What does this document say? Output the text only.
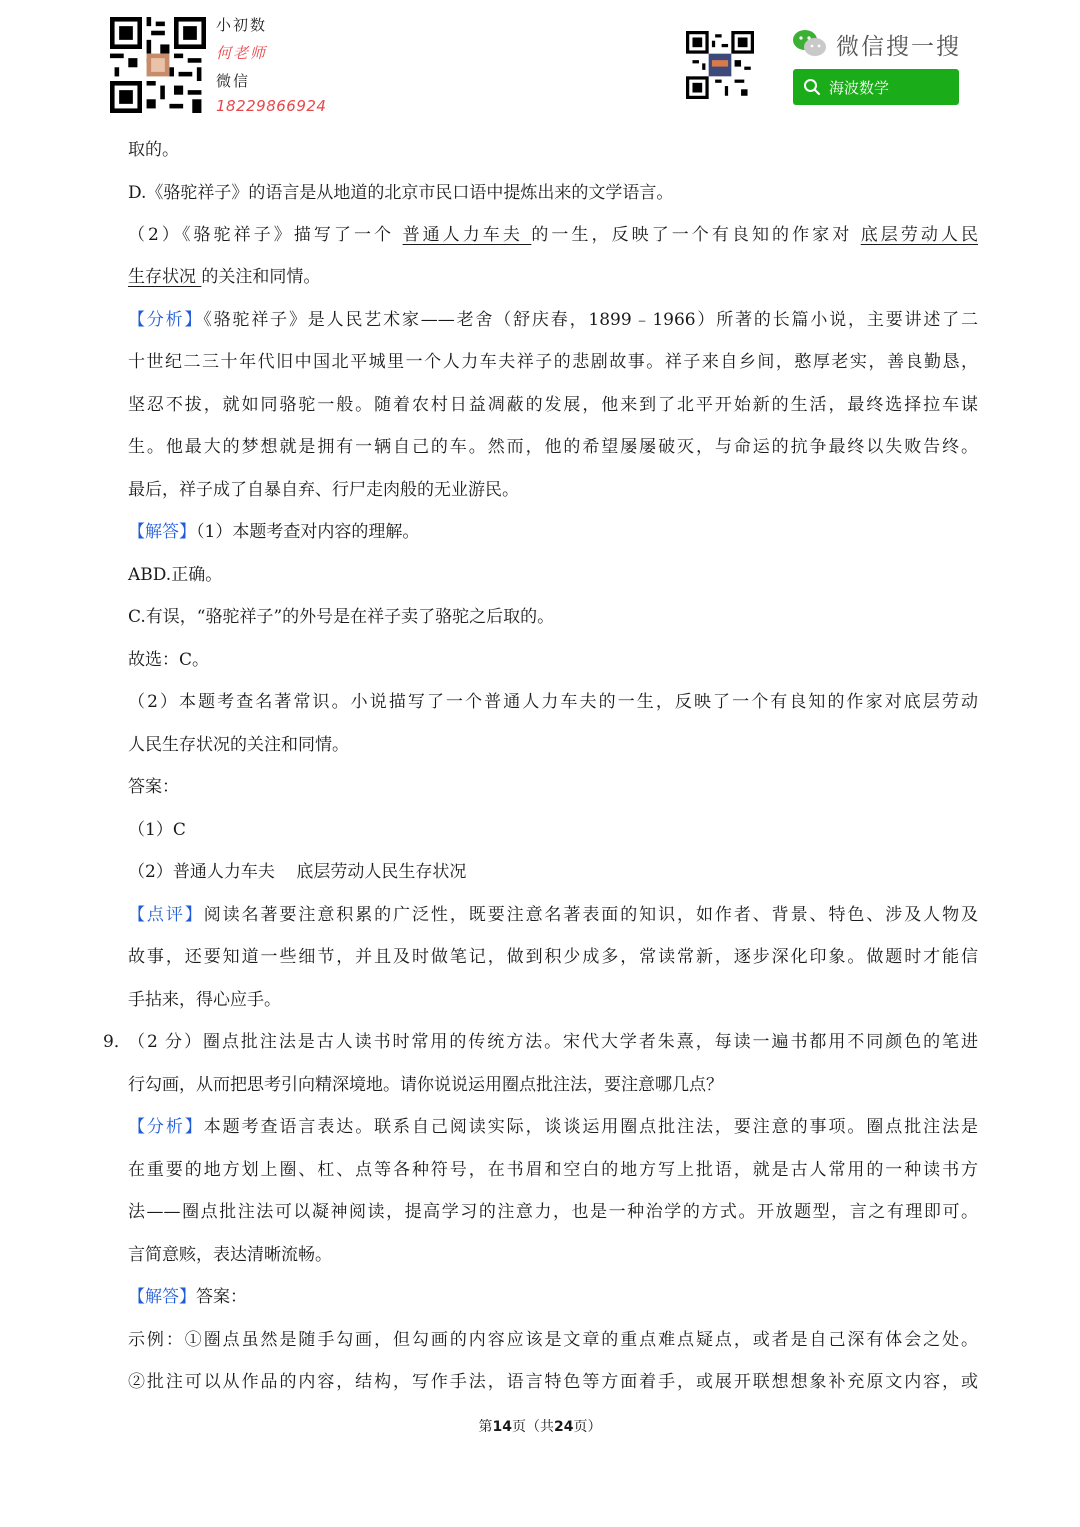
小初数
何老师
微信
18229866924
微信搜一搜
海波数学
取的。
D.《骆驼祥子》的语言是从地道的北京市民口语中提炼出来的文学语言。
（2）《骆驼祥子》描写了一个 普通人力车夫 的一生，反映了一个有良知的作家对 底层劳动人民
生存状况 的关注和同情。
【分析】《骆驼祥子》是人民艺术家——老舍（舒庆春，1899﹣1966）所著的长篇小说，主要讲述了二
十世纪二三十年代旧中国北平城里一个人力车夫祥子的悲剧故事。祥子来自乡间，憨厚老实，善良勤恳，
坚忍不拔，就如同骆驼一般。随着农村日益凋蔽的发展，他来到了北平开始新的生活，最终选择拉车谋
生。他最大的梦想就是拥有一辆自己的车。然而，他的希望屡屡破灭，与命运的抗争最终以失败告终。
最后，祥子成了自暴自弃、行尸走肉般的无业游民。
【解答】（1）本题考查对内容的理解。
ABD.正确。
C.有误，“骆驼祥子”的外号是在祥子卖了骆驼之后取的。
故选：C。
（2）本题考查名著常识。小说描写了一个普通人力车夫的一生，反映了一个有良知的作家对底层劳动
人民生存状况的关注和同情。
答案：
（1）C
（2）普通人力车夫    底层劳动人民生存状况
【点评】阅读名著要注意积累的广泛性，既要注意名著表面的知识，如作者、背景、特色、涉及人物及
故事，还要知道一些细节，并且及时做笔记，做到积少成多，常读常新，逐步深化印象。做题时才能信
手拈来，得心应手。
9．
（2 分）圈点批注法是古人读书时常用的传统方法。宋代大学者朱熹，每读一遍书都用不同颜色的笔进
行勾画，从而把思考引向精深境地。请你说说运用圈点批注法，要注意哪几点？
【分析】本题考查语言表达。联系自己阅读实际，谈谈运用圈点批注法，要注意的事项。圈点批注法是
在重要的地方划上圈、杠、点等各种符号，在书眉和空白的地方写上批语，就是古人常用的一种读书方
法——圈点批注法可以凝神阅读，提高学习的注意力，也是一种治学的方式。开放题型，言之有理即可。
言简意赅，表达清晰流畅。
【解答】答案：
示例：①圈点虽然是随手勾画，但勾画的内容应该是文章的重点难点疑点，或者是自己深有体会之处。
②批注可以从作品的内容，结构，写作手法，语言特色等方面着手，或展开联想想象补充原文内容，或
第14页（共24页）
